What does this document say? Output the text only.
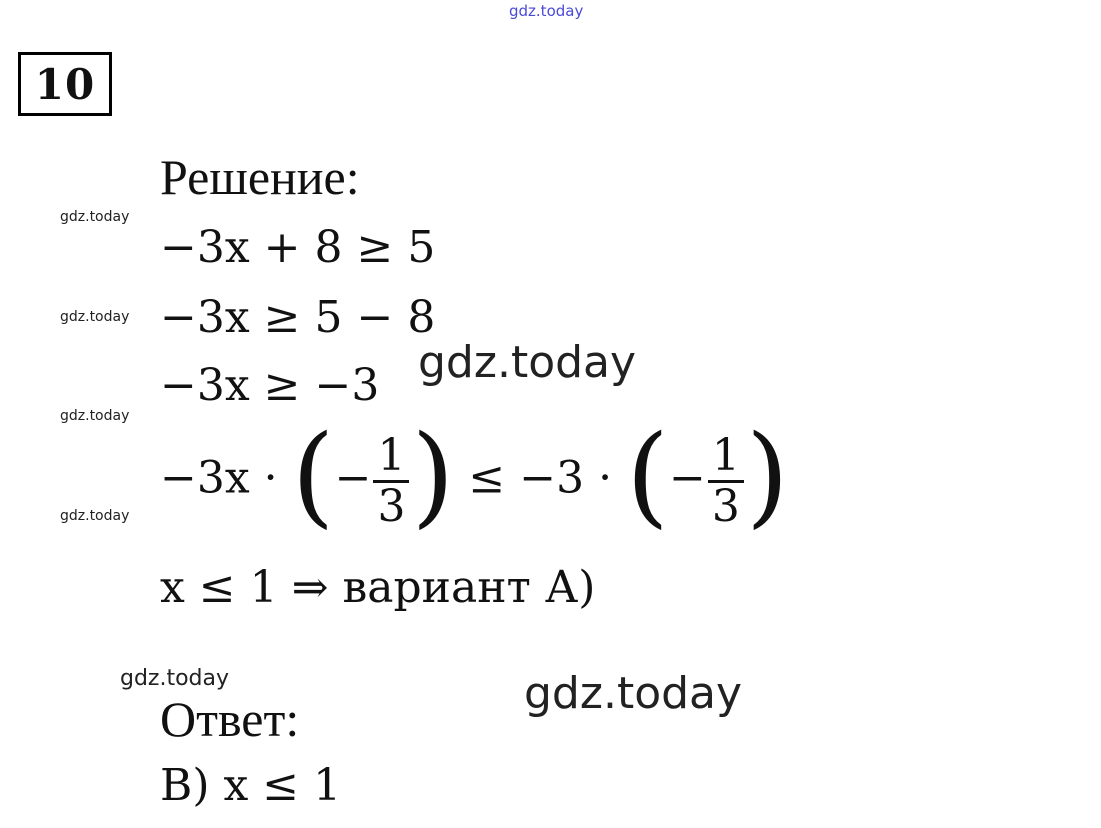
gdz.today
gdz.today
gdz.today
gdz.today
gdz.today
gdz.today
10
Решение:
−3x + 8 ≥ 5
−3x ≥ 5 − 8
−3x ≥ −3
−3x · (− $\frac{1}{3}$ ) ≤ −3 · (− $\frac{1}{3}$ )
x ≤ 1 ⇒ вариант А)
Ответ:
B) x ≤ 1
gdz.today
gdz.today
